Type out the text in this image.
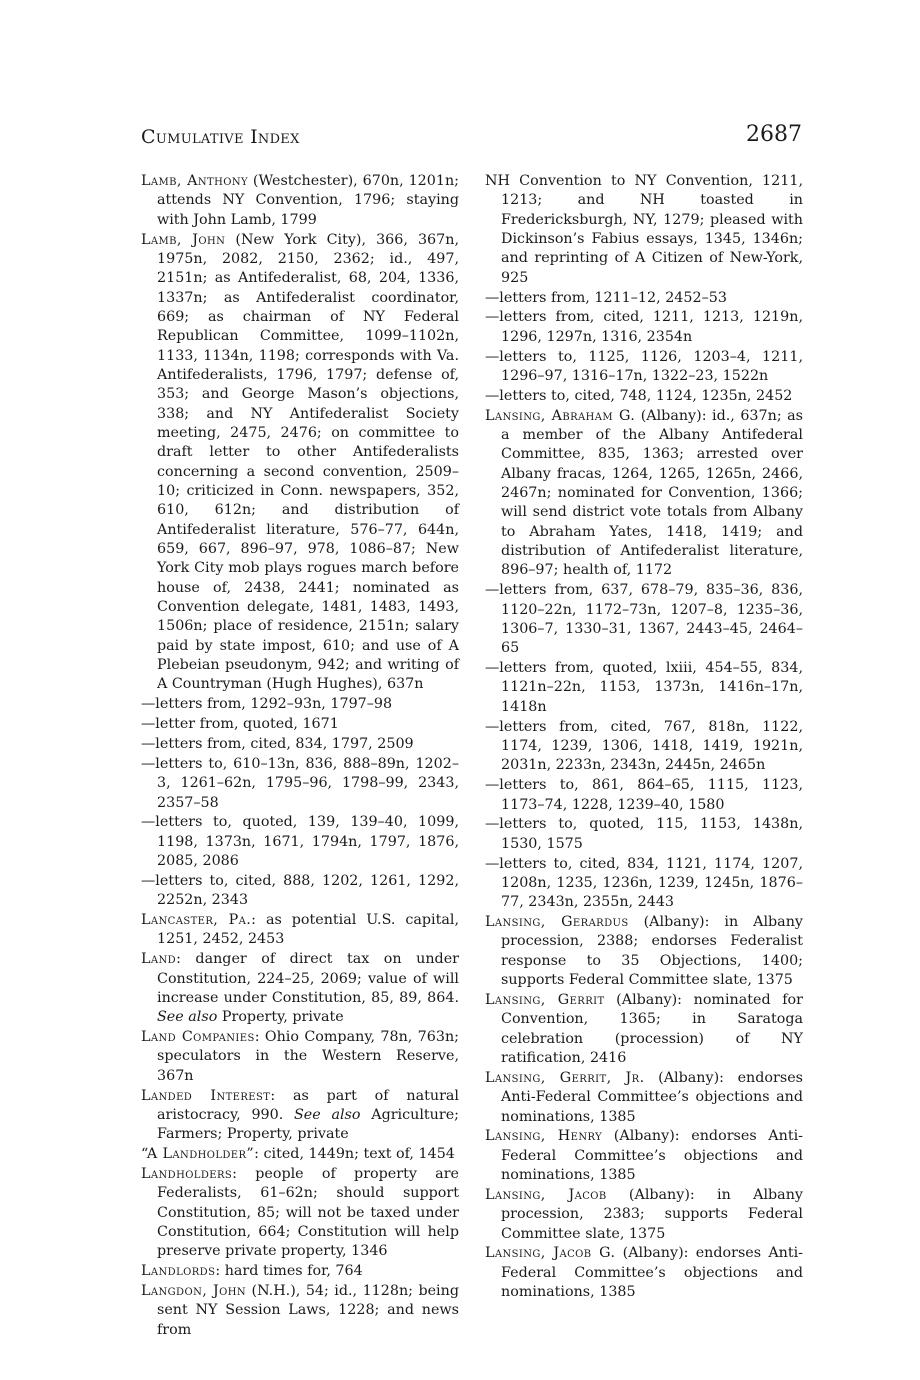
Cumulative Index	2687
Lamb, Anthony (Westchester), 670n, 1201n; attends NY Convention, 1796; staying with John Lamb, 1799
Lamb, John (New York City), 366, 367n, 1975n, 2082, 2150, 2362; id., 497, 2151n; as Antifederalist, 68, 204, 1336, 1337n; as Antifederalist coordinator, 669; as chairman of NY Federal Republican Committee, 1099–1102n, 1133, 1134n, 1198; corresponds with Va. Antifederalists, 1796, 1797; defense of, 353; and George Mason’s objections, 338; and NY Antifederalist Society meeting, 2475, 2476; on committee to draft letter to other Antifederalists concerning a second convention, 2509–10; criticized in Conn. newspapers, 352, 610, 612n; and distribution of Antifederalist literature, 576–77, 644n, 659, 667, 896–97, 978, 1086–87; New York City mob plays rogues march before house of, 2438, 2441; nominated as Convention delegate, 1481, 1483, 1493, 1506n; place of residence, 2151n; salary paid by state impost, 610; and use of A Plebeian pseudonym, 942; and writing of A Countryman (Hugh Hughes), 637n
—letters from, 1292–93n, 1797–98
—letter from, quoted, 1671
—letters from, cited, 834, 1797, 2509
—letters to, 610–13n, 836, 888–89n, 1202–3, 1261–62n, 1795–96, 1798–99, 2343, 2357–58
—letters to, quoted, 139, 139–40, 1099, 1198, 1373n, 1671, 1794n, 1797, 1876, 2085, 2086
—letters to, cited, 888, 1202, 1261, 1292, 2252n, 2343
Lancaster, Pa.: as potential U.S. capital, 1251, 2452, 2453
Land: danger of direct tax on under Constitution, 224–25, 2069; value of will increase under Constitution, 85, 89, 864. See also Property, private
Land Companies: Ohio Company, 78n, 763n; speculators in the Western Reserve, 367n
Landed Interest: as part of natural aristocracy, 990. See also Agriculture; Farmers; Property, private
“A Landholder”: cited, 1449n; text of, 1454
Landholders: people of property are Federalists, 61–62n; should support Constitution, 85; will not be taxed under Constitution, 664; Constitution will help preserve private property, 1346
Landlords: hard times for, 764
Langdon, John (N.H.), 54; id., 1128n; being sent NY Session Laws, 1228; and news from
NH Convention to NY Convention, 1211, 1213; and NH toasted in Fredericksburgh, NY, 1279; pleased with Dickinson’s Fabius essays, 1345, 1346n; and reprinting of A Citizen of New-York, 925
—letters from, 1211–12, 2452–53
—letters from, cited, 1211, 1213, 1219n, 1296, 1297n, 1316, 2354n
—letters to, 1125, 1126, 1203–4, 1211, 1296–97, 1316–17n, 1322–23, 1522n
—letters to, cited, 748, 1124, 1235n, 2452
Lansing, Abraham G. (Albany): id., 637n; as a member of the Albany Antifederal Committee, 835, 1363; arrested over Albany fracas, 1264, 1265, 1265n, 2466, 2467n; nominated for Convention, 1366; will send district vote totals from Albany to Abraham Yates, 1418, 1419; and distribution of Antifederalist literature, 896–97; health of, 1172
—letters from, 637, 678–79, 835–36, 836, 1120–22n, 1172–73n, 1207–8, 1235–36, 1306–7, 1330–31, 1367, 2443–45, 2464–65
—letters from, quoted, lxiii, 454–55, 834, 1121n–22n, 1153, 1373n, 1416n–17n, 1418n
—letters from, cited, 767, 818n, 1122, 1174, 1239, 1306, 1418, 1419, 1921n, 2031n, 2233n, 2343n, 2445n, 2465n
—letters to, 861, 864–65, 1115, 1123, 1173–74, 1228, 1239–40, 1580
—letters to, quoted, 115, 1153, 1438n, 1530, 1575
—letters to, cited, 834, 1121, 1174, 1207, 1208n, 1235, 1236n, 1239, 1245n, 1876–77, 2343n, 2355n, 2443
Lansing, Gerardus (Albany): in Albany procession, 2388; endorses Federalist response to 35 Objections, 1400; supports Federal Committee slate, 1375
Lansing, Gerrit (Albany): nominated for Convention, 1365; in Saratoga celebration (procession) of NY ratification, 2416
Lansing, Gerrit, Jr. (Albany): endorses Anti-Federal Committee’s objections and nominations, 1385
Lansing, Henry (Albany): endorses Anti-Federal Committee’s objections and nominations, 1385
Lansing, Jacob (Albany): in Albany procession, 2383; supports Federal Committee slate, 1375
Lansing, Jacob G. (Albany): endorses Anti-Federal Committee’s objections and nominations, 1385
